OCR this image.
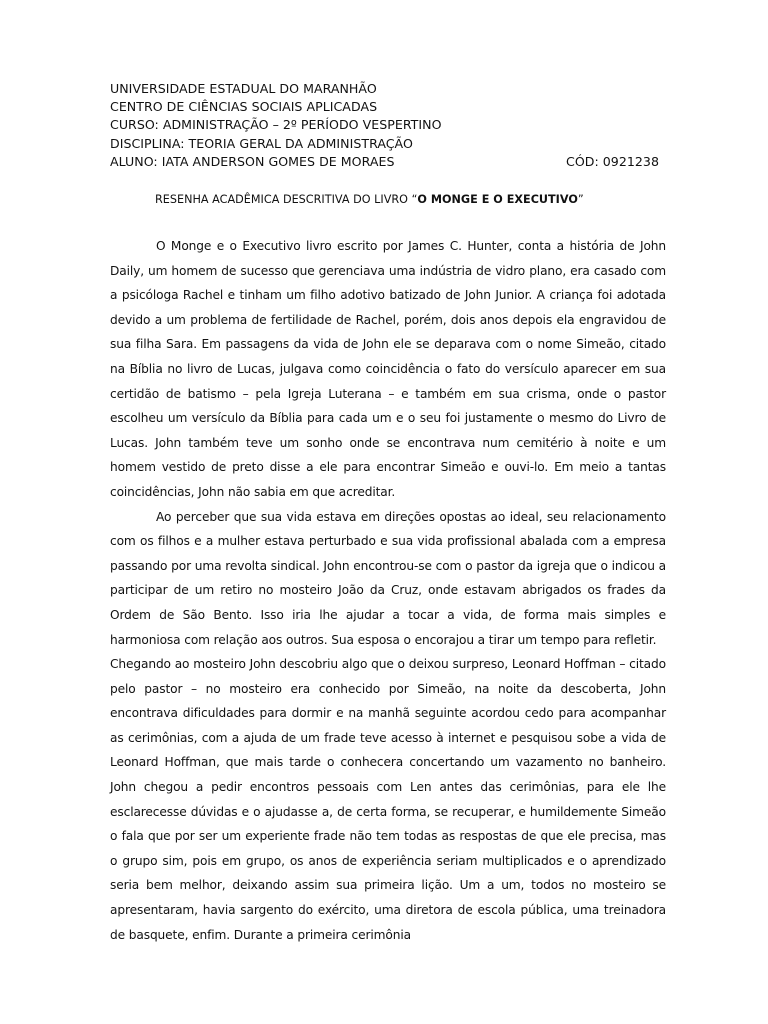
UNIVERSIDADE ESTADUAL DO MARANHÃO
CENTRO DE CIÊNCIAS SOCIAIS APLICADAS
CURSO: ADMINISTRAÇÃO – 2º PERÍODO VESPERTINO
DISCIPLINA: TEORIA GERAL DA ADMINISTRAÇÃO
ALUNO: IATA ANDERSON GOMES DE MORAES	CÓD: 0921238
RESENHA ACADÊMICA DESCRITIVA DO LIVRO “O MONGE E O EXECUTIVO”

O Monge e o Executivo livro escrito por James C. Hunter, conta a história de John Daily, um homem de sucesso que gerenciava uma indústria de vidro plano, era casado com a psicóloga Rachel e tinham um filho adotivo batizado de John Junior. A criança foi adotada devido a um problema de fertilidade de Rachel, porém, dois anos depois ela engravidou de sua filha Sara. Em passagens da vida de John ele se deparava com o nome Simeão, citado na Bíblia no livro de Lucas, julgava como coincidência o fato do versículo aparecer em sua certidão de batismo – pela Igreja Luterana – e também em sua crisma, onde o pastor escolheu um versículo da Bíblia para cada um e o seu foi justamente o mesmo do Livro de Lucas. John também teve um sonho onde se encontrava num cemitério à noite e um homem vestido de preto disse a ele para encontrar Simeão e ouvi-lo. Em meio a tantas coincidências, John não sabia em que acreditar.

Ao perceber que sua vida estava em direções opostas ao ideal, seu relacionamento com os filhos e a mulher estava perturbado e sua vida profissional abalada com a empresa passando por uma revolta sindical. John encontrou-se com o pastor da igreja que o indicou a participar de um retiro no mosteiro João da Cruz, onde estavam abrigados os frades da Ordem de São Bento. Isso iria lhe ajudar a tocar a vida, de forma mais simples e harmoniosa com relação aos outros. Sua esposa o encorajou a tirar um tempo para refletir.

Chegando ao mosteiro John descobriu algo que o deixou surpreso, Leonard Hoffman – citado pelo pastor – no mosteiro era conhecido por Simeão, na noite da descoberta, John encontrava dificuldades para dormir e na manhã seguinte acordou cedo para acompanhar as cerimônias, com a ajuda de um frade teve acesso à internet e pesquisou sobe a vida de Leonard Hoffman, que mais tarde o conhecera concertando um vazamento no banheiro. John chegou a pedir encontros pessoais com Len antes das cerimônias, para ele lhe esclarecesse dúvidas e o ajudasse a, de certa forma, se recuperar, e humildemente Simeão o fala que por ser um experiente frade não tem todas as respostas de que ele precisa, mas o grupo sim, pois em grupo, os anos de experiência seriam multiplicados e o aprendizado seria bem melhor, deixando assim sua primeira lição. Um a um, todos no mosteiro se apresentaram, havia sargento do exército, uma diretora de escola pública, uma treinadora de basquete, enfim. Durante a primeira cerimônia
